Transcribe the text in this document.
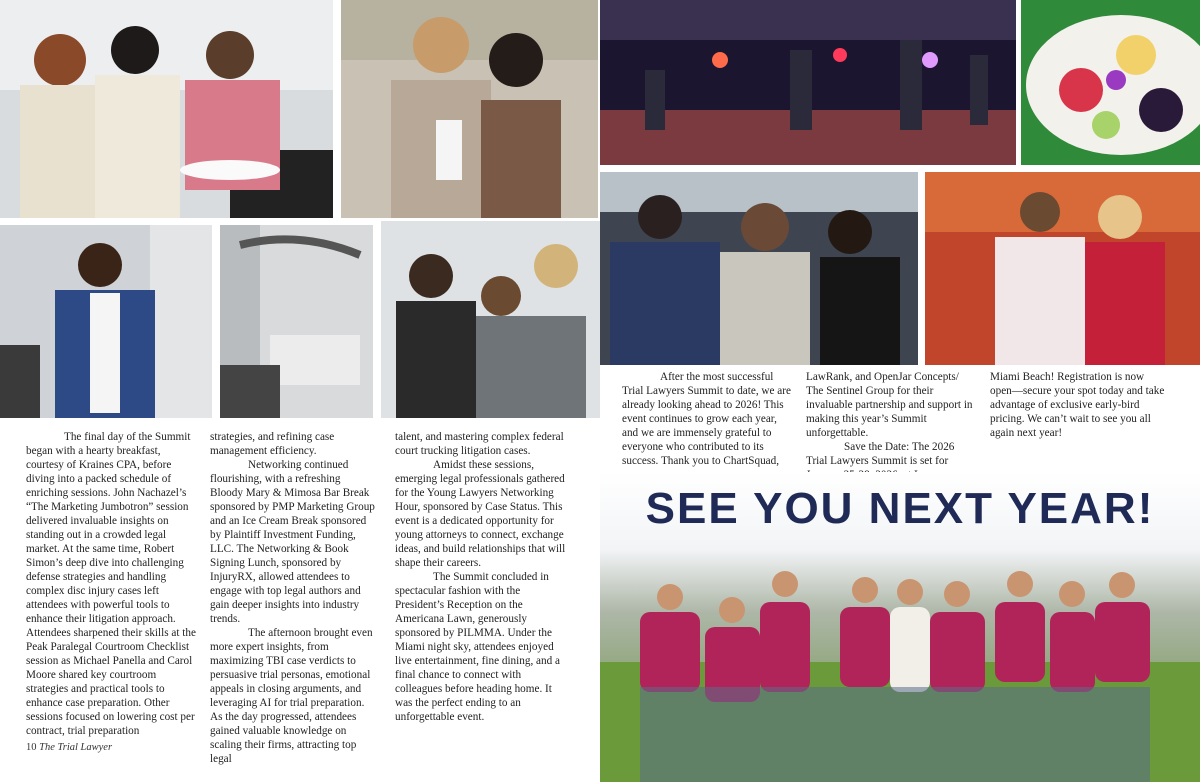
The final day of the Summit began with a hearty breakfast, courtesy of Kraines CPA, before diving into a packed schedule of enriching sessions. John Nachazel’s “The Marketing Jumbotron” session delivered invaluable insights on standing out in a crowded legal market. At the same time, Robert Simon’s deep dive into challenging defense strategies and handling complex disc injury cases left attendees with powerful tools to enhance their litigation approach. Attendees sharpened their skills at the Peak Paralegal Courtroom Checklist session as Michael Panella and Carol Moore shared key courtroom strategies and practical tools to enhance case preparation. Other sessions focused on lowering cost per contract, trial preparation

strategies, and refining case management efficiency.

Networking continued flourishing, with a refreshing Bloody Mary & Mimosa Bar Break sponsored by PMP Marketing Group and an Ice Cream Break sponsored by Plaintiff Investment Funding, LLC. The Networking & Book Signing Lunch, sponsored by InjuryRX, allowed attendees to engage with top legal authors and gain deeper insights into industry trends.

The afternoon brought even more expert insights, from maximizing TBI case verdicts to persuasive trial personas, emotional appeals in closing arguments, and leveraging AI for trial preparation. As the day progressed, attendees gained valuable knowledge on scaling their firms, attracting top legal

talent, and mastering complex federal court trucking litigation cases.

Amidst these sessions, emerging legal professionals gathered for the Young Lawyers Networking Hour, sponsored by Case Status. This event is a dedicated opportunity for young attorneys to connect, exchange ideas, and build relationships that will shape their careers.

The Summit concluded in spectacular fashion with the President’s Reception on the Americana Lawn, generously sponsored by PILMMA. Under the Miami night sky, attendees enjoyed live entertainment, fine dining, and a final chance to connect with colleagues before heading home. It was the perfect ending to an unforgettable event.

After the most successful Trial Lawyers Summit to date, we are already looking ahead to 2026! This event continues to grow each year, and we are immensely grateful to everyone who contributed to its success. Thank you to ChartSquad,

LawRank, and OpenJar Concepts/ The Sentinel Group for their invaluable partnership and support in making this year’s Summit unforgettable.

Save the Date: The 2026 Trial Lawyers Summit is set for

Miami Beach! Registration is now open—secure your spot today and take advantage of exclusive early-bird pricing. We can’t wait to see you all again next year!

SEE YOU NEXT YEAR!
10 The Trial Lawyer
